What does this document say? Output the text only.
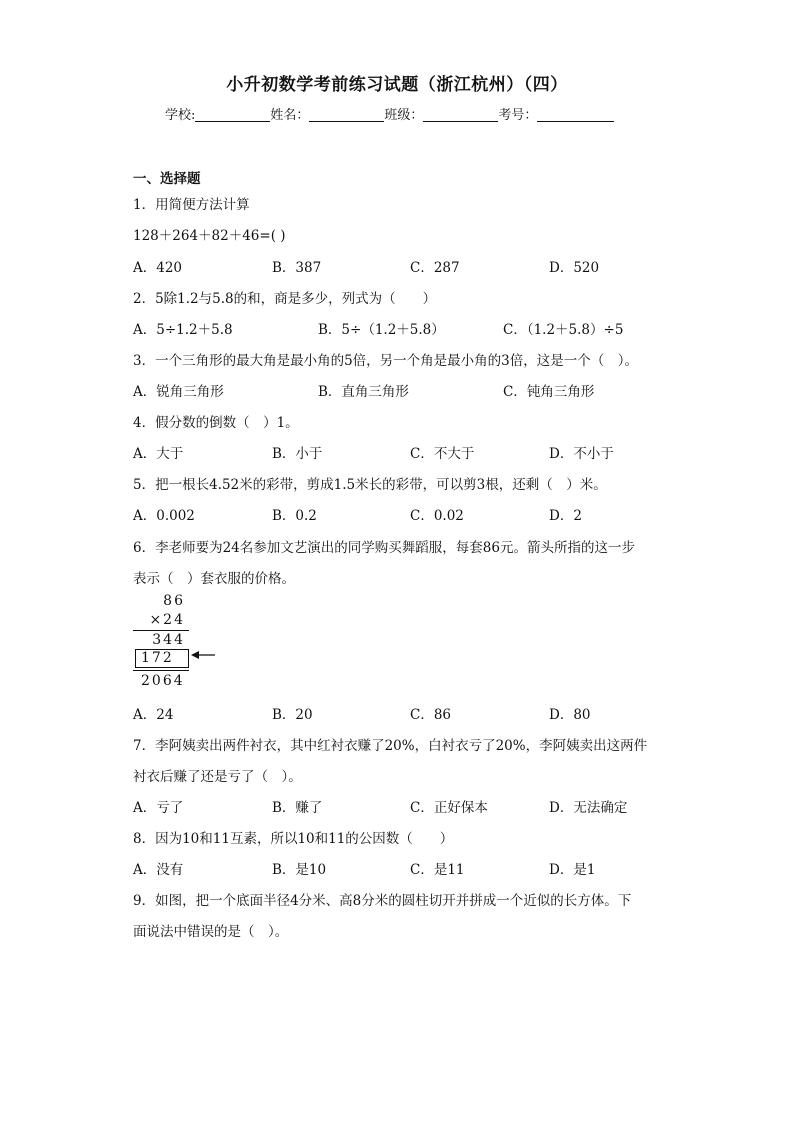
小升初数学考前练习试题（浙江杭州）（四）
学校:	姓名：	班级：	考号：
一、选择题
1．用简便方法计算
128＋264＋82＋46=( )
A．420	B．387	C．287	D．520
2．5除1.2与5.8的和，商是多少，列式为（　　）
A．5÷1.2＋5.8	B．5÷（1.2＋5.8）	C．（1.2＋5.8）÷5
3．一个三角形的最大角是最小角的5倍，另一个角是最小角的3倍，这是一个（　）。
A．锐角三角形	B．直角三角形	C．钝角三角形
4．假分数的倒数（　）1。
A．大于	B．小于	C．不大于	D．不小于
5．把一根长4.52米的彩带，剪成1.5米长的彩带，可以剪3根，还剩（　）米。
A．0.002	B．0.2	C．0.02	D．2
6．李老师要为24名参加文艺演出的同学购买舞蹈服，每套86元。箭头所指的这一步
表示（　）套衣服的价格。
86
×24
344
172
2064
A．24	B．20	C．86	D．80
7．李阿姨卖出两件衬衣，其中红衬衣赚了20%，白衬衣亏了20%，李阿姨卖出这两件
衬衣后赚了还是亏了（　）。
A．亏了	B．赚了	C．正好保本	D．无法确定
8．因为10和11互素，所以10和11的公因数（　　）
A．没有	B．是10	C．是11	D．是1
9．如图，把一个底面半径4分米、高8分米的圆柱切开并拼成一个近似的长方体。下
面说法中错误的是（　）。
